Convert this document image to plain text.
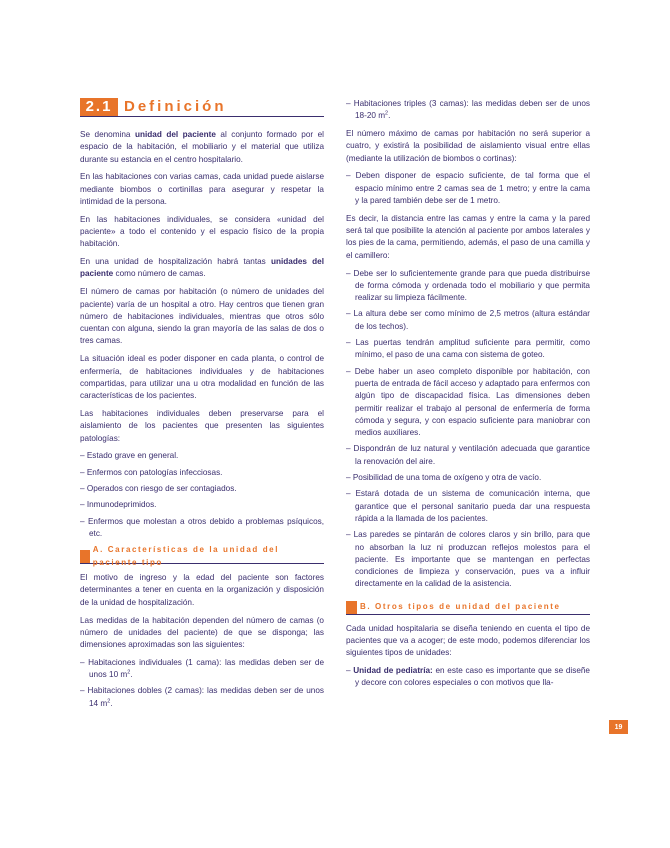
2.1 Definición

Se denomina unidad del paciente al conjunto formado por el espacio de la habitación, el mobiliario y el material que utiliza durante su estancia en el centro hospitalario.

En las habitaciones con varias camas, cada unidad puede aislarse mediante biombos o cortinillas para asegurar y respetar la intimidad de la persona.

En las habitaciones individuales, se considera «unidad del paciente» a todo el contenido y el espacio físico de la propia habitación.

En una unidad de hospitalización habrá tantas unidades del paciente como número de camas.

El número de camas por habitación (o número de unidades del paciente) varía de un hospital a otro. Hay centros que tienen gran número de habitaciones individuales, mientras que otros sólo cuentan con alguna, siendo la gran mayoría de las salas de dos o tres camas.

La situación ideal es poder disponer en cada planta, o control de enfermería, de habitaciones individuales y de habitaciones compartidas, para utilizar una u otra modalidad en función de las características de los pacientes.

Las habitaciones individuales deben preservarse para el aislamiento de los pacientes que presenten las siguientes patologías:

– Estado grave en general.
– Enfermos con patologías infecciosas.
– Operados con riesgo de ser contagiados.
– Inmunodeprimidos.
– Enfermos que molestan a otros debido a problemas psíquicos, etc.
A. Características de la unidad del paciente tipo

El motivo de ingreso y la edad del paciente son factores determinantes a tener en cuenta en la organización y disposición de la unidad de hospitalización.

Las medidas de la habitación dependen del número de camas (o número de unidades del paciente) de que se disponga; las dimensiones aproximadas son las siguientes:

– Habitaciones individuales (1 cama): las medidas deben ser de unos 10 $m^2$.
– Habitaciones dobles (2 camas): las medidas deben ser de unos 14 $m^2$.
– Habitaciones triples (3 camas): las medidas deben ser de unos 18-20 $m^2$.

El número máximo de camas por habitación no será superior a cuatro, y existirá la posibilidad de aislamiento visual entre ellas (mediante la utilización de biombos o cortinas):

– Deben disponer de espacio suficiente, de tal forma que el espacio mínimo entre 2 camas sea de 1 metro; y entre la cama y la pared también debe ser de 1 metro.

Es decir, la distancia entre las camas y entre la cama y la pared será tal que posibilite la atención al paciente por ambos laterales y los pies de la cama, permitiendo, además, el paso de una camilla y el camillero:

– Debe ser lo suficientemente grande para que pueda distribuirse de forma cómoda y ordenada todo el mobiliario y que permita realizar su limpieza fácilmente.
– La altura debe ser como mínimo de 2,5 metros (altura estándar de los techos).
– Las puertas tendrán amplitud suficiente para permitir, como mínimo, el paso de una cama con sistema de goteo.
– Debe haber un aseo completo disponible por habitación, con puerta de entrada de fácil acceso y adaptado para enfermos con algún tipo de discapacidad física. Las dimensiones deben permitir realizar el trabajo al personal de enfermería de forma cómoda y segura, y con espacio suficiente para maniobrar con medios auxiliares.
– Dispondrán de luz natural y ventilación adecuada que garantice la renovación del aire.
– Posibilidad de una toma de oxígeno y otra de vacío.
– Estará dotada de un sistema de comunicación interna, que garantice que el personal sanitario pueda dar una respuesta rápida a la llamada de los pacientes.
– Las paredes se pintarán de colores claros y sin brillo, para que no absorban la luz ni produzcan reflejos molestos para el paciente. Es importante que se mantengan en perfectas condiciones de limpieza y conservación, pues va a influir directamente en la calidad de la asistencia.
B. Otros tipos de unidad del paciente

Cada unidad hospitalaria se diseña teniendo en cuenta el tipo de pacientes que va a acoger; de este modo, podemos diferenciar los siguientes tipos de unidades:

– Unidad de pediatría: en este caso es importante que se diseñe y decore con colores especiales o con motivos que lla-
19
